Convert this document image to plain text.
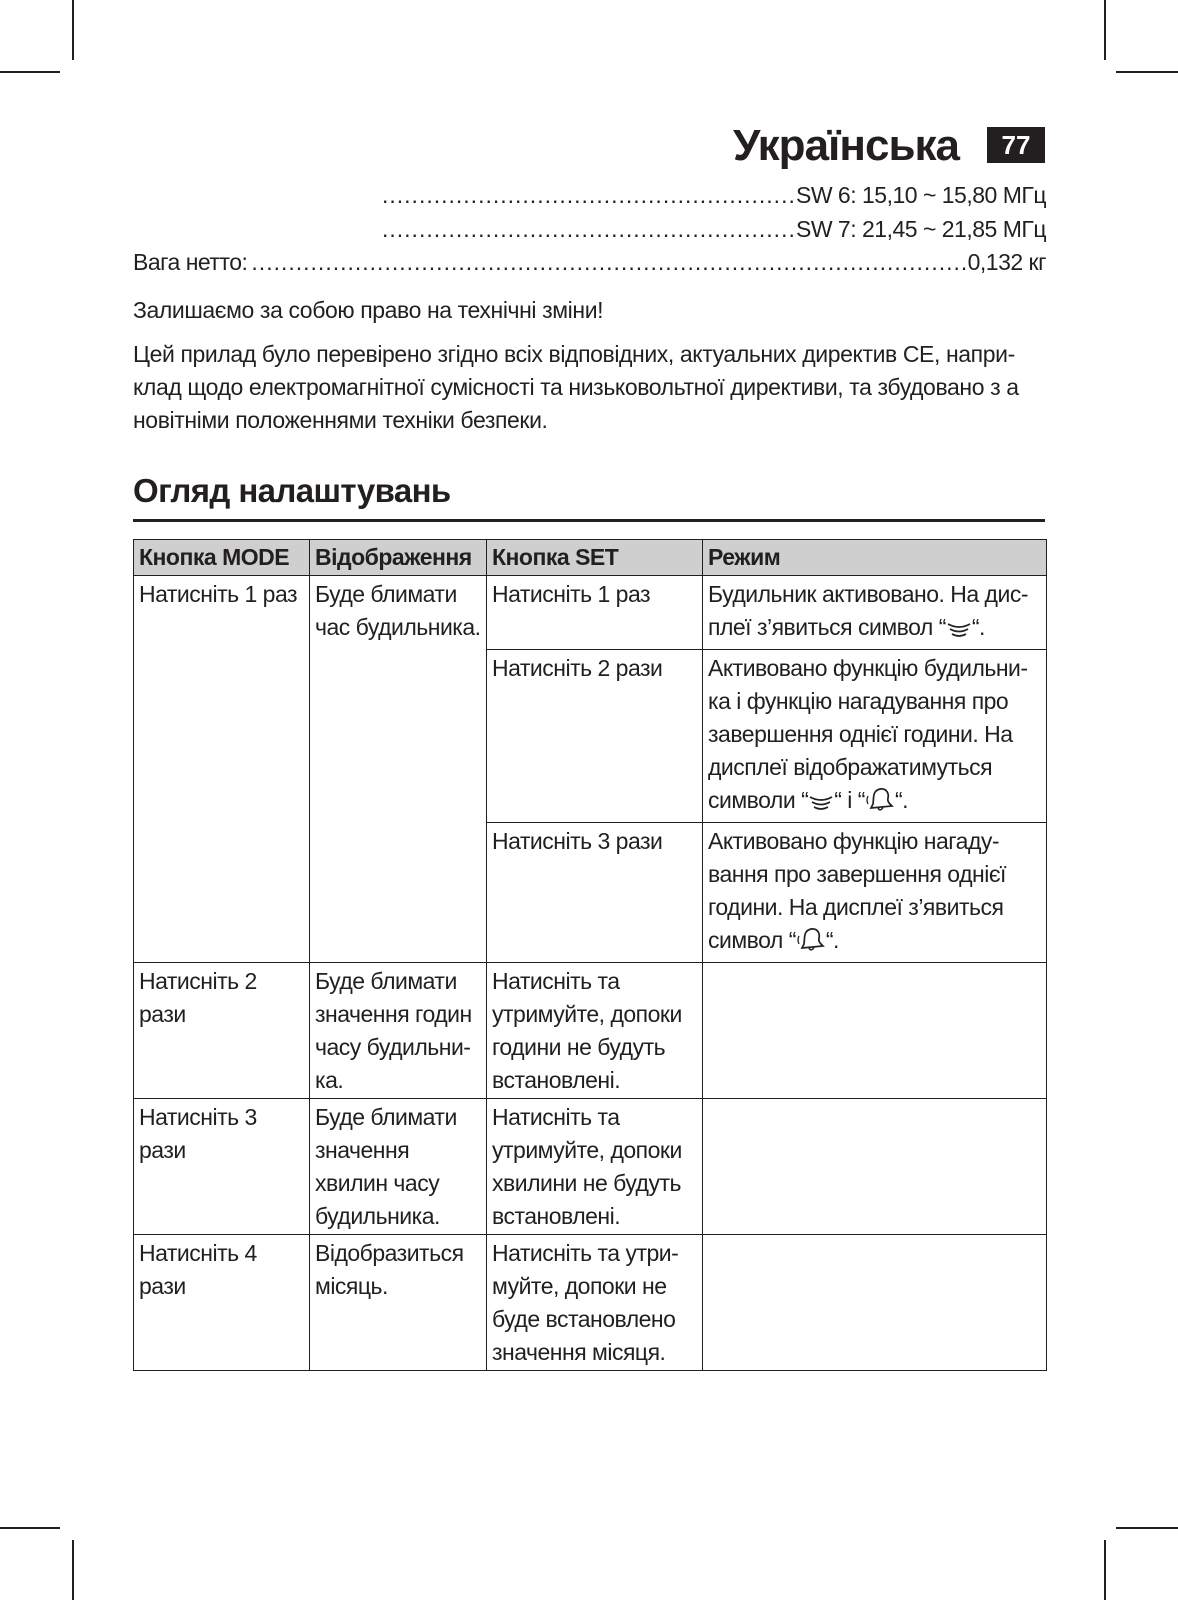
Українська	77
.....
SW 6: 15,10 ~ 15,80 МГц
.....
SW 7: 21,45 ~ 21,85 МГц
Вага нетто: .....	0,132 кг

Залишаємо за собою право на технічні зміни!

Цей прилад було перевірено згідно всіх відповідних, актуальних директив CE, наприклад щодо електромагнітної сумісності та низьковольтної директиви, та збудовано з а новітніми положеннями техніки безпеки.

Огляд налаштувань
Кнопка MODE	Відображення	Кнопка SET	Режим
Натисніть 1 раз	Буде блимати час будильника.	Натисніть 1 раз	Будильник активовано. На дисплеї з’явиться символ “ “.
		Натисніть 2 рази	Активовано функцію будильника і функцію нагадування про завершення однієї години. На дисплеї відображатимуться символи “ “ і “ “.
		Натисніть 3 рази	Активовано функцію нагадування про завершення однієї години. На дисплеї з’явиться символ “ “.
Натисніть 2 рази	Буде блимати значення годин часу будильника.	Натисніть та утримуйте, допоки години не будуть встановлені.	
Натисніть 3 рази	Буде блимати значення хвилин часу будильника.	Натисніть та утримуйте, допоки хвилини не будуть встановлені.	
Натисніть 4 рази	Відобразиться місяць.	Натисніть та утримуйте, допоки не буде встановлено значення місяця.	
